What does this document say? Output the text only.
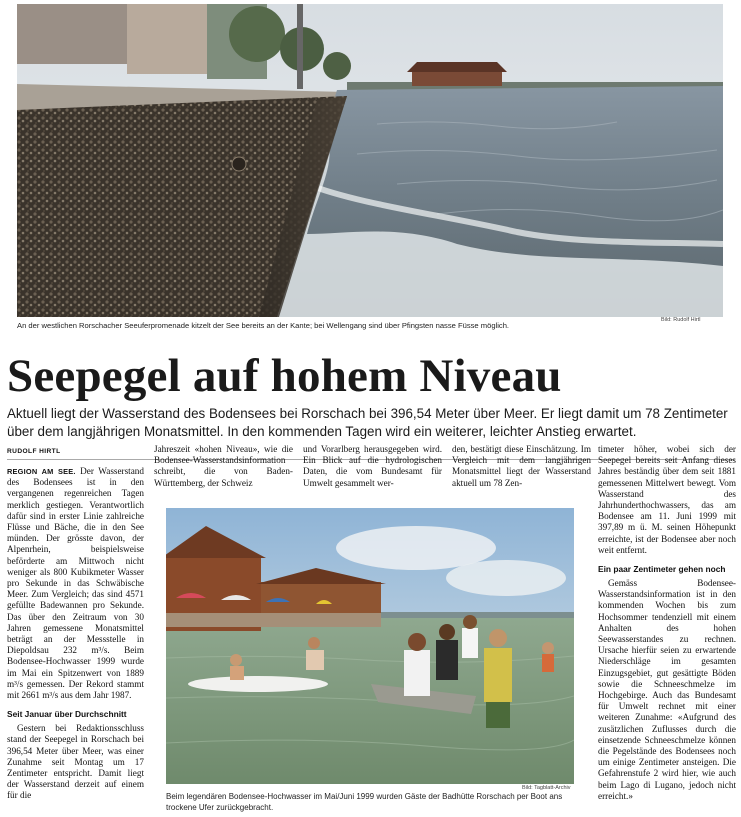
An der westlichen Rorschacher Seeuferpromenade kitzelt der See bereits an der Kante; bei Wellengang sind über Pfingsten nasse Füsse möglich.
Bild: Rudolf Hirtl
Seepegel auf hohem Niveau

Aktuell liegt der Wasserstand des Bodensees bei Rorschach bei 396,54 Meter über Meer. Er liegt damit um 78 Zentimeter über dem langjährigen Monatsmittel. In den kommenden Tagen wird ein weiterer, leichter Anstieg erwartet.

RUDOLF HIRTL

REGION AM SEE. Der Wasserstand des Bodensees ist in den vergangenen regenreichen Tagen merklich gestiegen. Verantwortlich dafür sind in erster Linie zahlreiche Flüsse und Bäche, die in den See münden. Der grösste davon, der Alpenrhein, beispielsweise beförderte am Mittwoch nicht weniger als 800 Kubikmeter Wasser pro Sekunde in das Schwäbische Meer. Zum Vergleich; das sind 4571 gefüllte Badewannen pro Sekunde. Das über den Zeitraum von 30 Jahren gemessene Monatsmittel beträgt an der Messstelle in Diepoldsau 232 m³/s. Beim Bodensee-Hochwasser 1999 wurde im Mai ein Spitzenwert von 1889 m³/s gemessen. Der Rekord stammt mit 2661 m³/s aus dem Jahr 1987.

Seit Januar über Durchschnitt

Gestern bei Redaktionsschluss stand der Seepegel in Rorschach bei 396,54 Meter über Meer, was einer Zunahme seit Montag um 17 Zentimeter entspricht. Damit liegt der Wasserstand derzeit auf einem für die

Jahreszeit «hohen Niveau», wie die Bodensee-Wasserstandsinformation schreibt, die von Baden-Württemberg, der Schweiz

und Vorarlberg herausgegeben wird. Ein Blick auf die hydrologischen Daten, die vom Bundesamt für Umwelt gesammelt wer-

den, bestätigt diese Einschätzung. Im Vergleich mit dem langjährigen Monatsmittel liegt der Wasserstand aktuell um 78 Zen-

timeter höher, wobei sich der Seepegel bereits seit Anfang dieses Jahres beständig über dem seit 1881 gemessenen Mittelwert bewegt. Vom Wasserstand des Jahrhunderthochwassers, das am Bodensee am 11. Juni 1999 mit 397,89 m ü. M. seinen Höhepunkt erreichte, ist der Bodensee aber noch weit entfernt.

Ein paar Zentimeter gehen noch

Gemäss Bodensee-Wasserstandsinformation ist in den kommenden Wochen bis zum Hochsommer tendenziell mit einem Anhalten des hohen Seewasserstandes zu rechnen. Ursache hierfür seien zu erwartende Niederschläge im gesamten Einzugsgebiet, gut gesättigte Böden sowie die Schneeschmelze im Hochgebirge. Auch das Bundesamt für Umwelt rechnet mit einer weiteren Zunahme: «Aufgrund des zusätzlichen Zuflusses durch die einsetzende Schneeschmelze können die Pegelstände des Bodensees noch um einige Zentimeter ansteigen. Die Gefahrenstufe 2 wird hier, wie auch beim Lago di Lugano, jedoch nicht erreicht.»

Bild: Tagblatt-Archiv
Beim legendären Bodensee-Hochwasser im Mai/Juni 1999 wurden Gäste der Badhütte Rorschach per Boot ans trockene Ufer zurückgebracht.
